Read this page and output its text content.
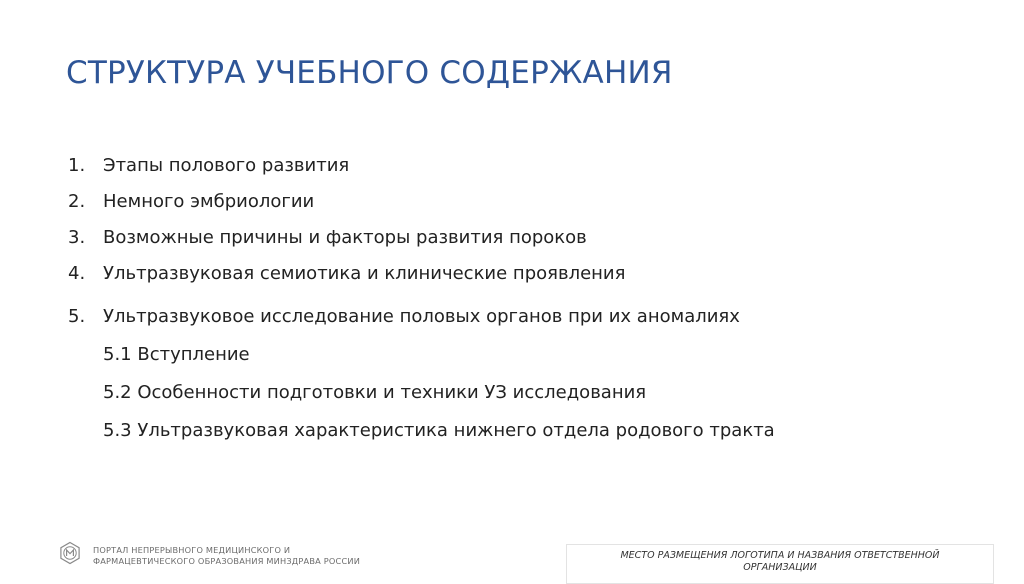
СТРУКТУРА УЧЕБНОГО СОДЕРЖАНИЯ
1. Этапы полового развития
2. Немного эмбриологии
3. Возможные причины и факторы развития пороков
4. Ультразвуковая семиотика и клинические проявления
5. Ультразвуковое исследование половых органов при их аномалиях
5.1 Вступление
5.2 Особенности подготовки и техники УЗ исследования
5.3 Ультразвуковая характеристика нижнего отдела родового тракта
ПОРТАЛ НЕПРЕРЫВНОГО МЕДИЦИНСКОГО И
ФАРМАЦЕВТИЧЕСКОГО ОБРАЗОВАНИЯ МИНЗДРАВА РОССИИ	МЕСТО РАЗМЕЩЕНИЯ ЛОГОТИПА И НАЗВАНИЯ ОТВЕТСТВЕННОЙ
ОРГАНИЗАЦИИ
